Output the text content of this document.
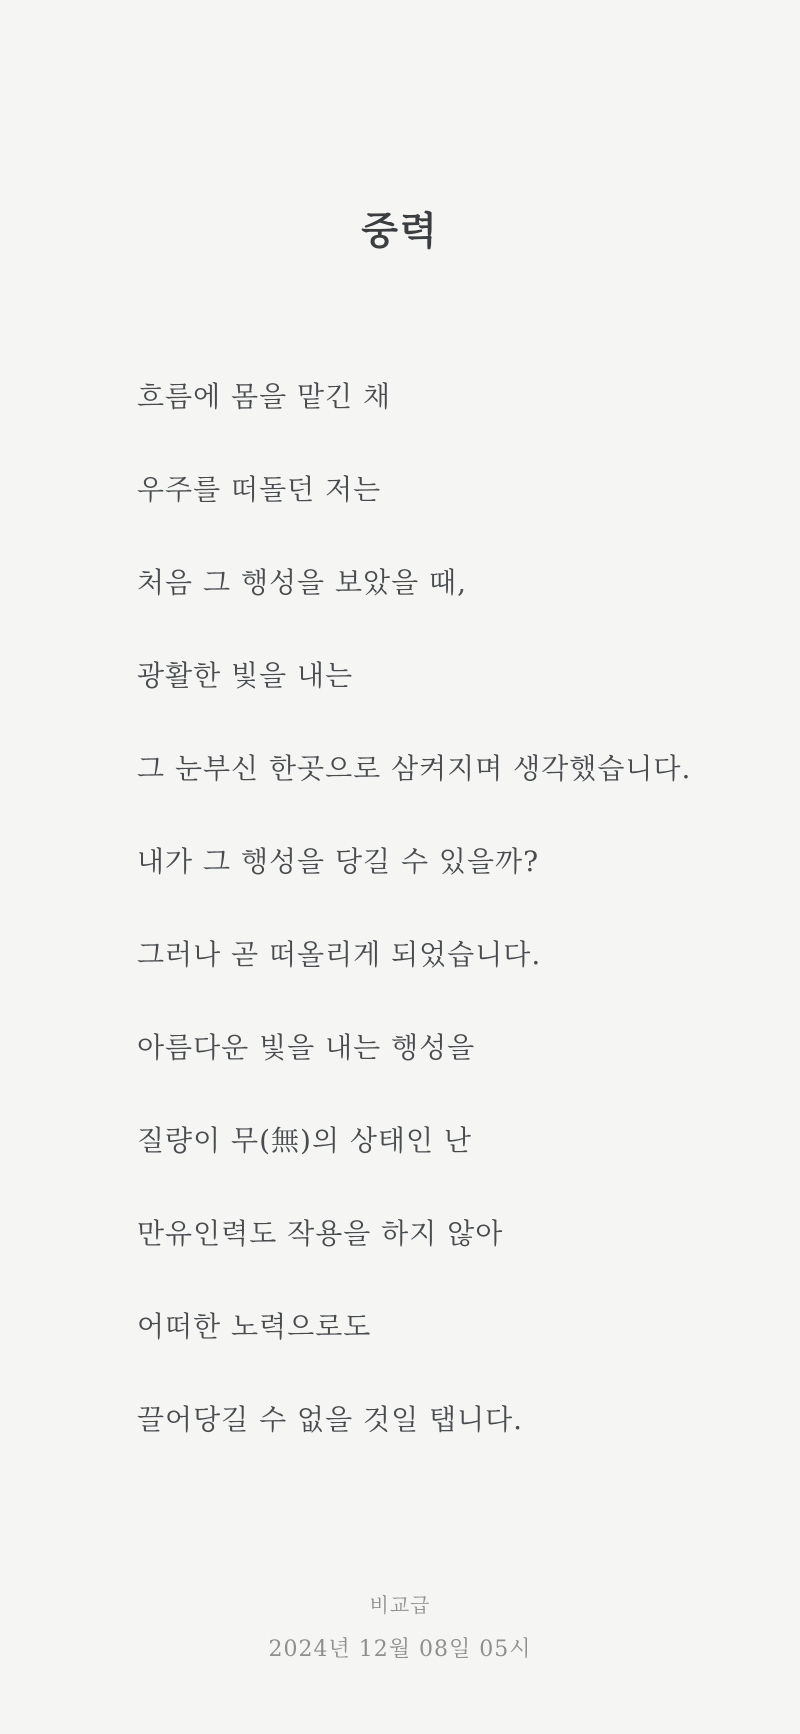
중력

흐름에 몸을 맡긴 채

우주를 떠돌던 저는

처음 그 행성을 보았을 때,

광활한 빛을 내는

그 눈부신 한곳으로 삼켜지며 생각했습니다.

내가 그 행성을 당길 수 있을까?

그러나 곧 떠올리게 되었습니다.

아름다운 빛을 내는 행성을

질량이 무(無)의 상태인 난

만유인력도 작용을 하지 않아

어떠한 노력으로도

끌어당길 수 없을 것일 탭니다.

비교급
2024년 12월 08일 05시
